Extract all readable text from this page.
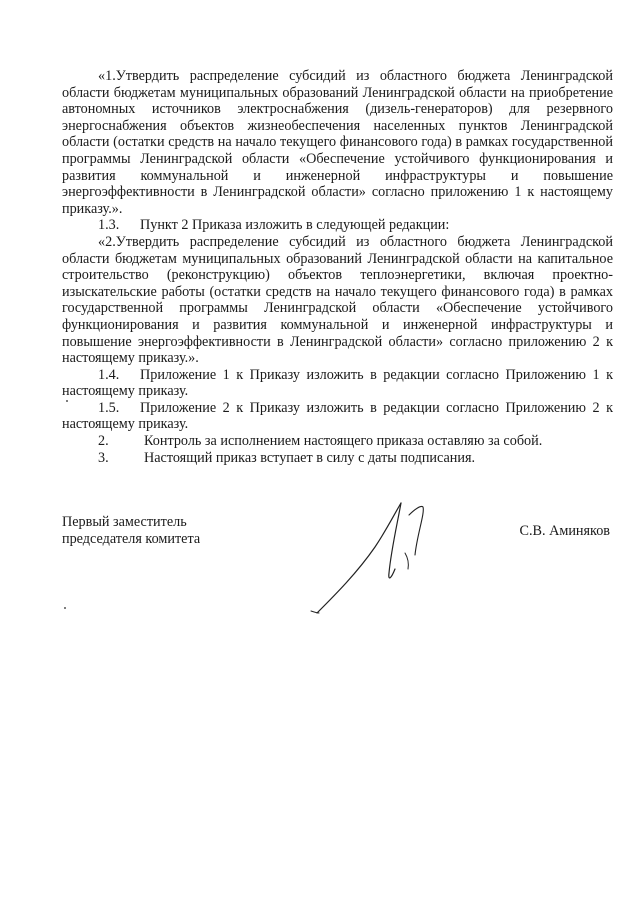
«1.Утвердить распределение субсидий из областного бюджета Ленинградской области бюджетам муниципальных образований Ленинградской области на приобретение автономных источников электроснабжения (дизель-генераторов) для резервного энергоснабжения объектов жизнеобеспечения населенных пунктов Ленинградской области (остатки средств на начало текущего финансового года) в рамках государственной программы Ленинградской области «Обеспечение устойчивого функционирования и развития коммунальной и инженерной инфраструктуры и повышение энергоэффективности в Ленинградской области» согласно приложению 1 к настоящему приказу.».

1.3. Пункт 2 Приказа изложить в следующей редакции:

«2.Утвердить распределение субсидий из областного бюджета Ленинградской области бюджетам муниципальных образований Ленинградской области на капитальное строительство (реконструкцию) объектов теплоэнергетики, включая проектно-изыскательские работы (остатки средств на начало текущего финансового года) в рамках государственной программы Ленинградской области «Обеспечение устойчивого функционирования и развития коммунальной и инженерной инфраструктуры и повышение энергоэффективности в Ленинградской области» согласно приложению 2 к настоящему приказу.».

1.4. Приложение 1 к Приказу изложить в редакции согласно Приложению 1 к настоящему приказу.

1.5. Приложение 2 к Приказу изложить в редакции согласно Приложению 2 к настоящему приказу.

2. Контроль за исполнением настоящего приказа оставляю за собой.

3. Настоящий приказ вступает в силу с даты подписания.

Первый заместитель
председателя комитета	С.В. Аминяков
